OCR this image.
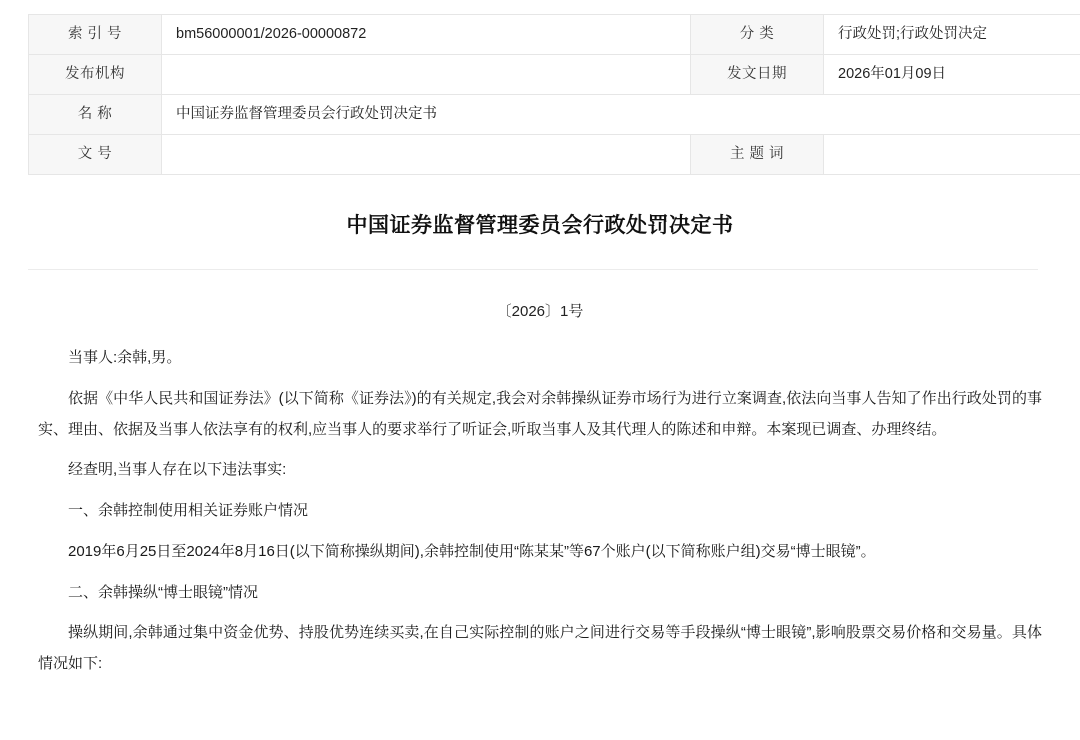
索 引 号	bm56000001/2026-00000872	分 类	行政处罚;行政处罚决定
发布机构		发文日期	2026年01月09日
名 称	中国证券监督管理委员会行政处罚决定书		
文 号		主 题 词	
中国证券监督管理委员会行政处罚决定书
〔2026〕1号

当事人:余韩,男。

依据《中华人民共和国证券法》(以下简称《证券法》)的有关规定,我会对余韩操纵证券市场行为进行立案调查,依法向当事人告知了作出行政处罚的事实、理由、依据及当事人依法享有的权利,应当事人的要求举行了听证会,听取当事人及其代理人的陈述和申辩。本案现已调查、办理终结。

经查明,当事人存在以下违法事实:

一、余韩控制使用相关证券账户情况

2019年6月25日至2024年8月16日(以下简称操纵期间),余韩控制使用“陈某某”等67个账户(以下简称账户组)交易“博士眼镜”。

二、余韩操纵“博士眼镜”情况

操纵期间,余韩通过集中资金优势、持股优势连续买卖,在自己实际控制的账户之间进行交易等手段操纵“博士眼镜”,影响股票交易价格和交易量。具体情况如下:
